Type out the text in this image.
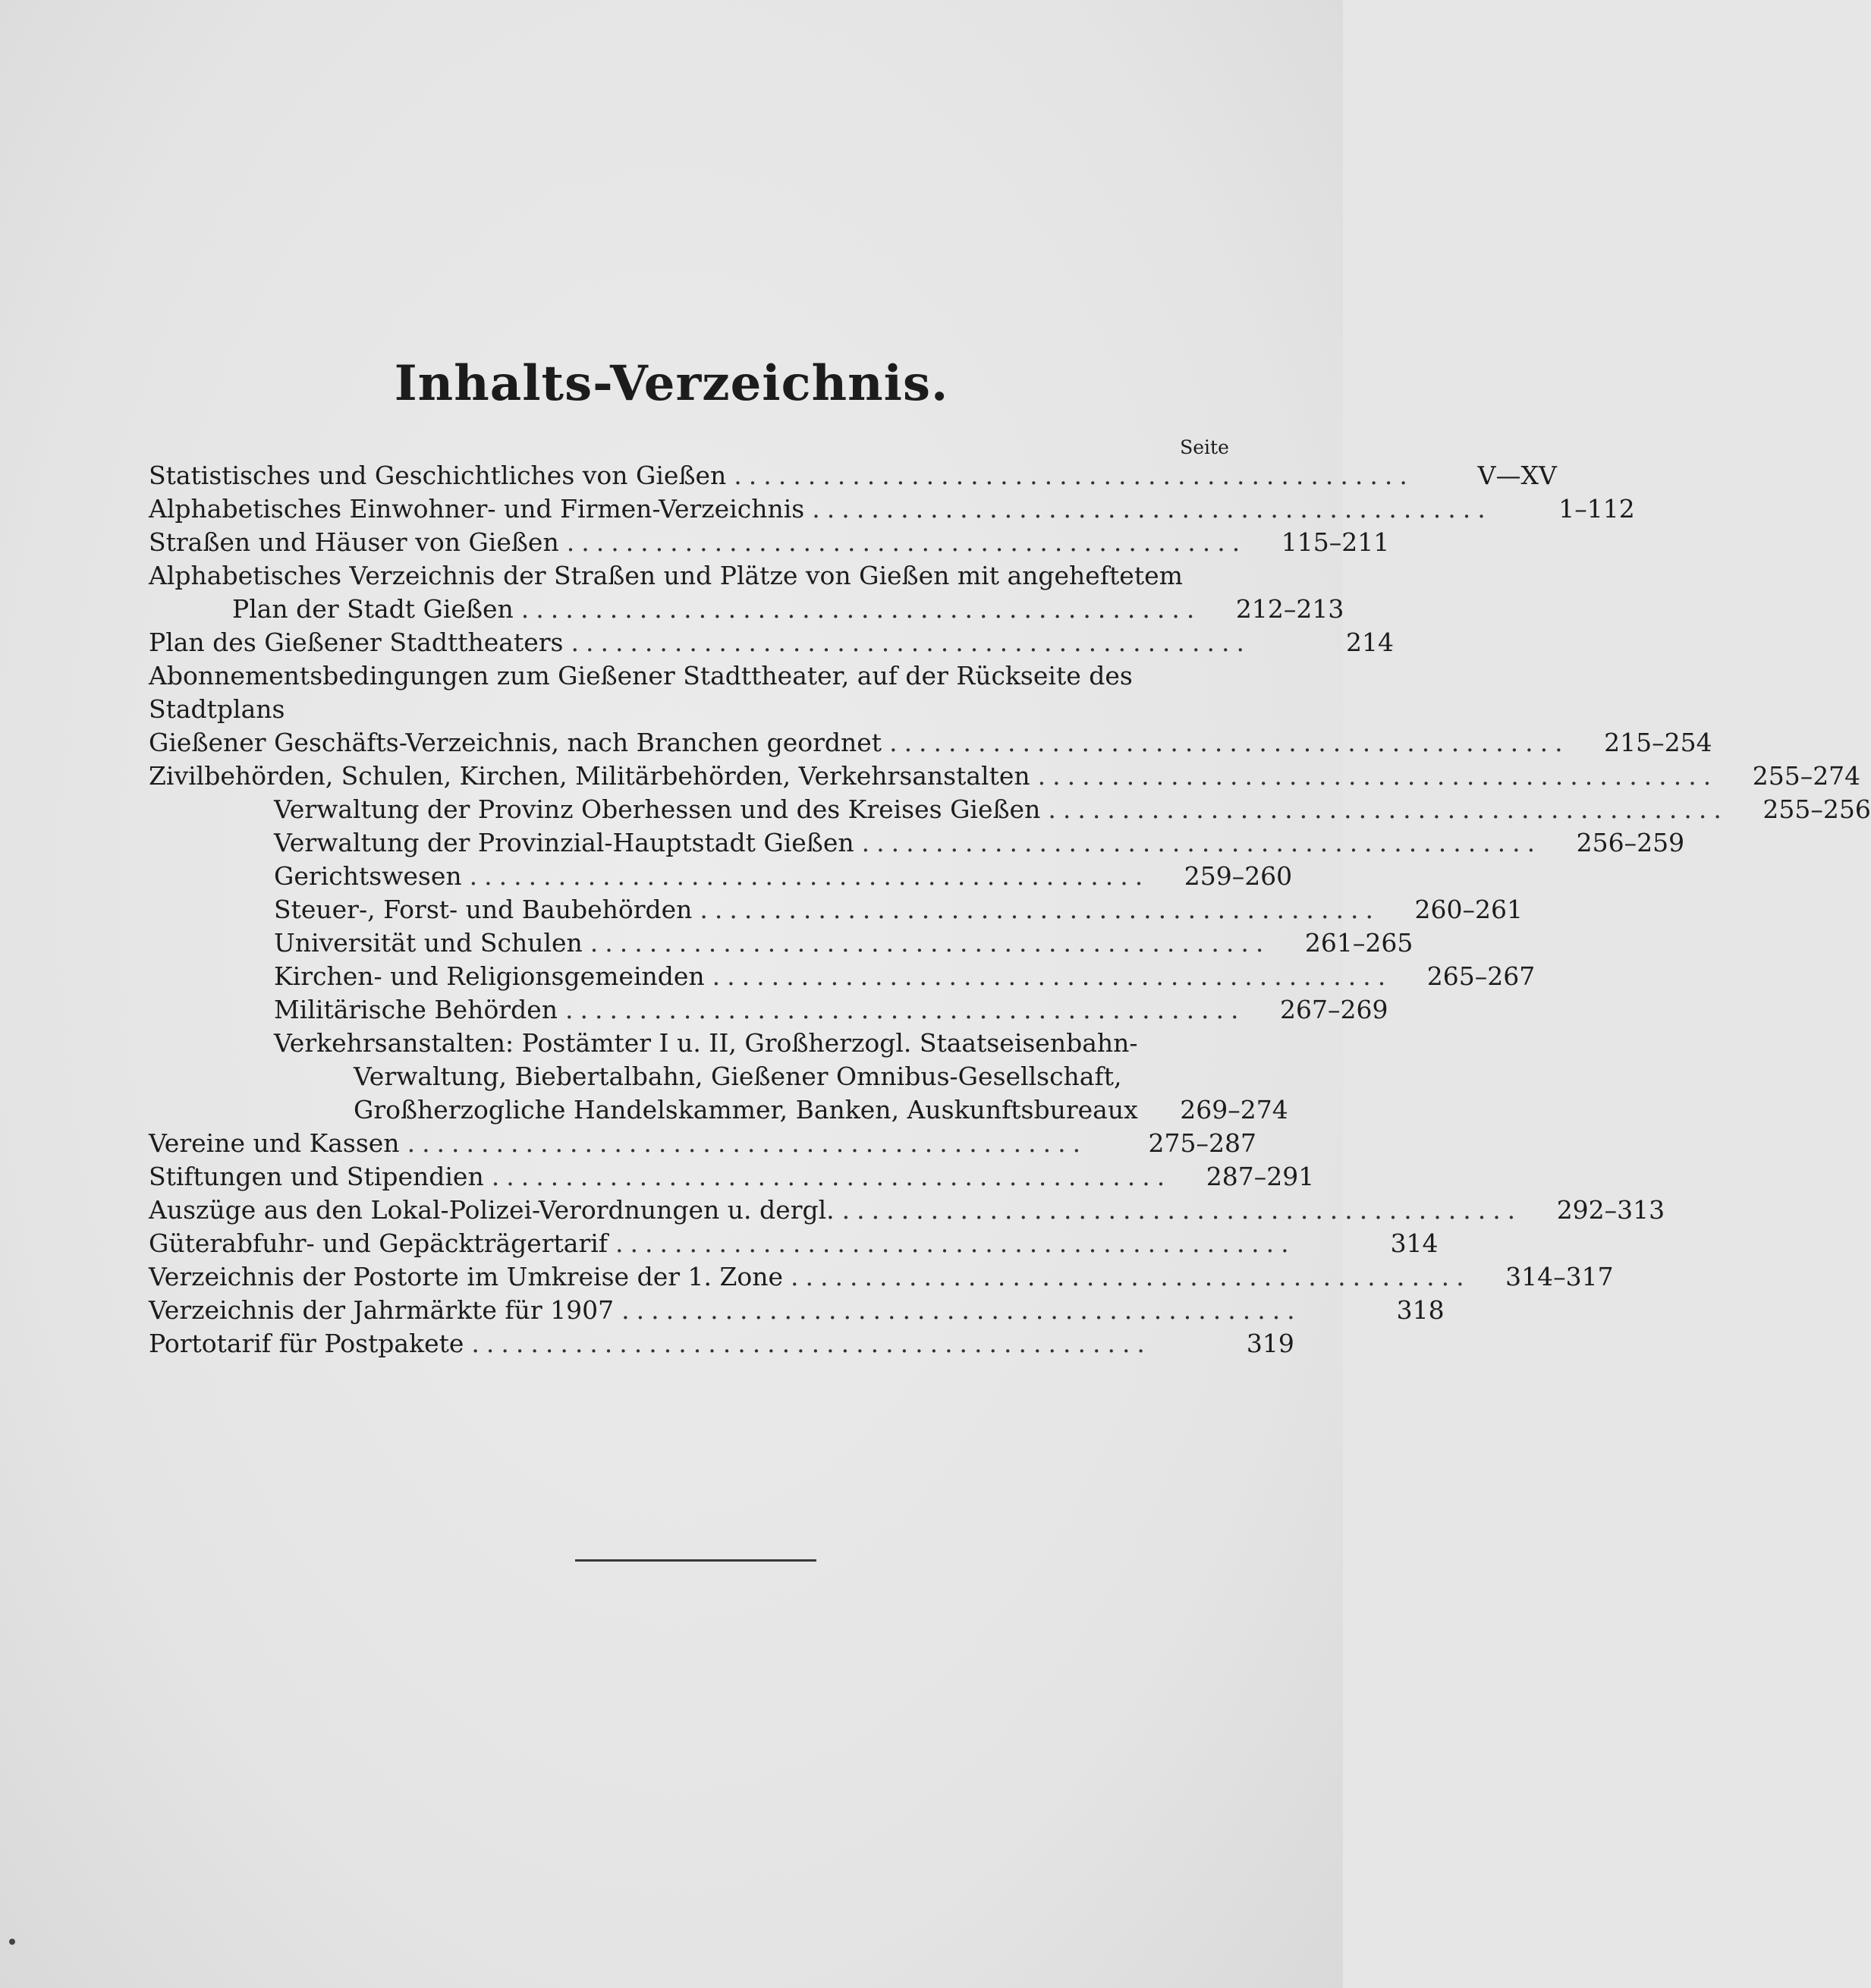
Inhalts-Verzeichnis.
Seite
Statistisches und Geschichtliches von Gießen ..............................................	V—XV
Alphabetisches Einwohner- und Firmen-Verzeichnis ..............................................	1–112
Straßen und Häuser von Gießen ..............................................	115–211
Alphabetisches Verzeichnis der Straßen und Plätze von Gießen mit angeheftetem
Plan der Stadt Gießen ..............................................	212–213
Plan des Gießener Stadttheaters ..............................................	214
Abonnementsbedingungen zum Gießener Stadttheater, auf der Rückseite des
Stadtplans
Gießener Geschäfts-Verzeichnis, nach Branchen geordnet ..............................................	215–254
Zivilbehörden, Schulen, Kirchen, Militärbehörden, Verkehrsanstalten ..............................................	255–274
Verwaltung der Provinz Oberhessen und des Kreises Gießen ..............................................	255–256
Verwaltung der Provinzial-Hauptstadt Gießen ..............................................	256–259
Gerichtswesen ..............................................	259–260
Steuer-, Forst- und Baubehörden ..............................................	260–261
Universität und Schulen ..............................................	261–265
Kirchen- und Religionsgemeinden ..............................................	265–267
Militärische Behörden ..............................................	267–269
Verkehrsanstalten: Postämter I u. II, Großherzogl. Staatseisenbahn-
Verwaltung, Biebertalbahn, Gießener Omnibus-Gesellschaft,
Großherzogliche Handelskammer, Banken, Auskunftsbureaux	269–274
Vereine und Kassen ..............................................	275–287
Stiftungen und Stipendien ..............................................	287–291
Auszüge aus den Lokal-Polizei-Verordnungen u. dergl. ..............................................	292–313
Güterabfuhr- und Gepäckträgertarif ..............................................	314
Verzeichnis der Postorte im Umkreise der 1. Zone ..............................................	314–317
Verzeichnis der Jahrmärkte für 1907 ..............................................	318
Portotarif für Postpakete ..............................................	319
